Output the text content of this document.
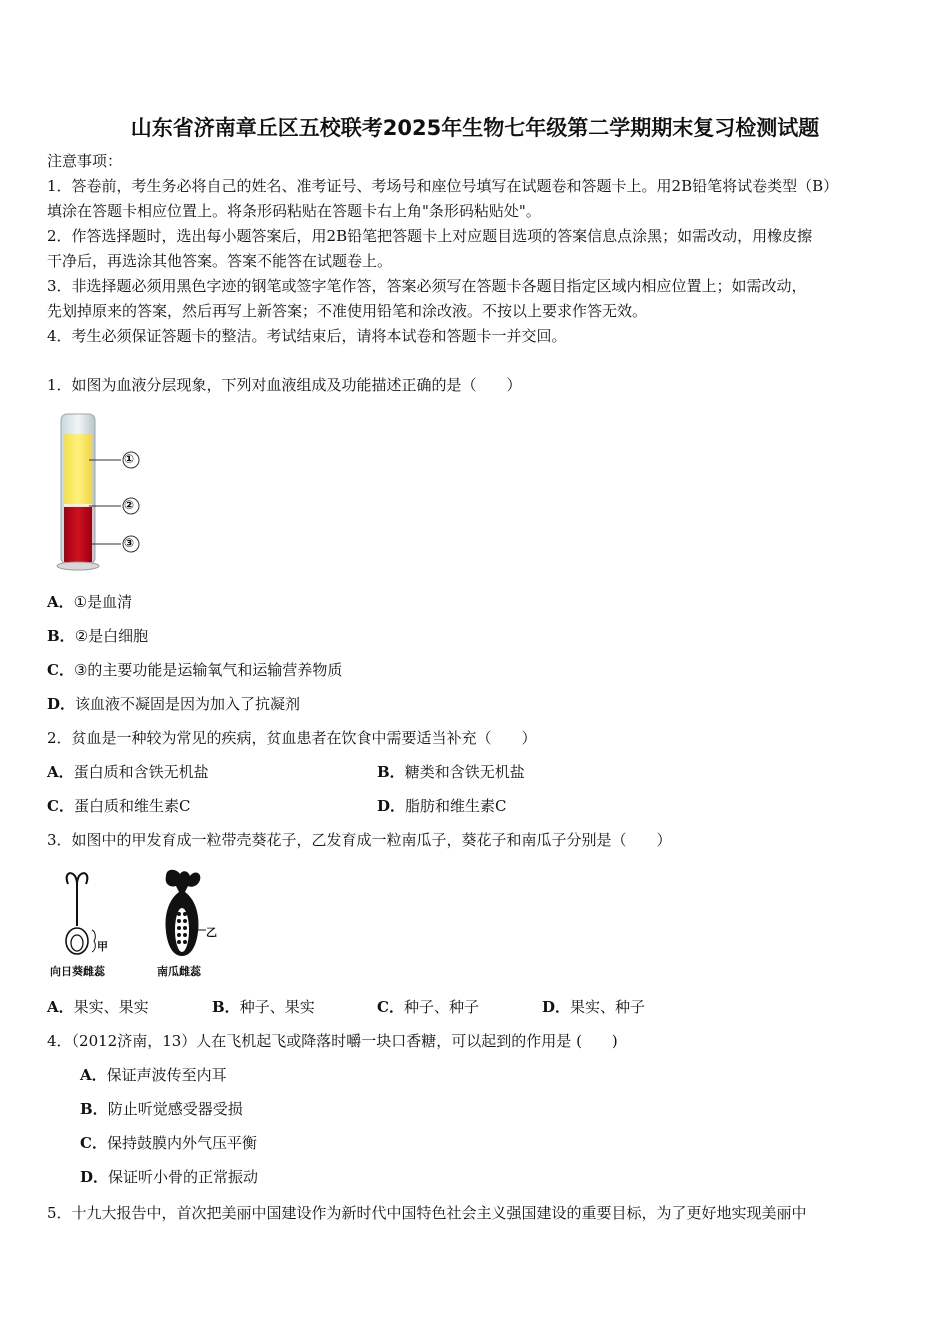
山东省济南章丘区五校联考2025年生物七年级第二学期期末复习检测试题
注意事项：
1．答卷前，考生务必将自己的姓名、准考证号、考场号和座位号填写在试题卷和答题卡上。用2B铅笔将试卷类型（B）
填涂在答题卡相应位置上。将条形码粘贴在答题卡右上角"条形码粘贴处"。
2．作答选择题时，选出每小题答案后，用2B铅笔把答题卡上对应题目选项的答案信息点涂黑；如需改动，用橡皮擦
干净后，再选涂其他答案。答案不能答在试题卷上。
3．非选择题必须用黑色字迹的钢笔或签字笔作答，答案必须写在答题卡各题目指定区域内相应位置上；如需改动，
先划掉原来的答案，然后再写上新答案；不准使用铅笔和涂改液。不按以上要求作答无效。
4．考生必须保证答题卡的整洁。考试结束后，请将本试卷和答题卡一并交回。
1．如图为血液分层现象，下列对血液组成及功能描述正确的是（　　）
A．①是血清
B．②是白细胞
C．③的主要功能是运输氧气和运输营养物质
D．该血液不凝固是因为加入了抗凝剂
2．贫血是一种较为常见的疾病，贫血患者在饮食中需要适当补充（　　）
A．蛋白质和含铁无机盐	B．糖类和含铁无机盐
C．蛋白质和维生素C	D．脂肪和维生素C
3．如图中的甲发育成一粒带壳葵花子，乙发育成一粒南瓜子，葵花子和南瓜子分别是（　　）
甲
乙
向日葵雌蕊	南瓜雌蕊
A．果实、果实	B．种子、果实	C．种子、种子	D．果实、种子
4．（2012济南，13）人在飞机起飞或降落时嚼一块口香糖，可以起到的作用是 (　　)
A．保证声波传至内耳
B．防止听觉感受器受损
C．保持鼓膜内外气压平衡
D．保证听小骨的正常振动
5．十九大报告中，首次把美丽中国建设作为新时代中国特色社会主义强国建设的重要目标，为了更好地实现美丽中
①
②
③
